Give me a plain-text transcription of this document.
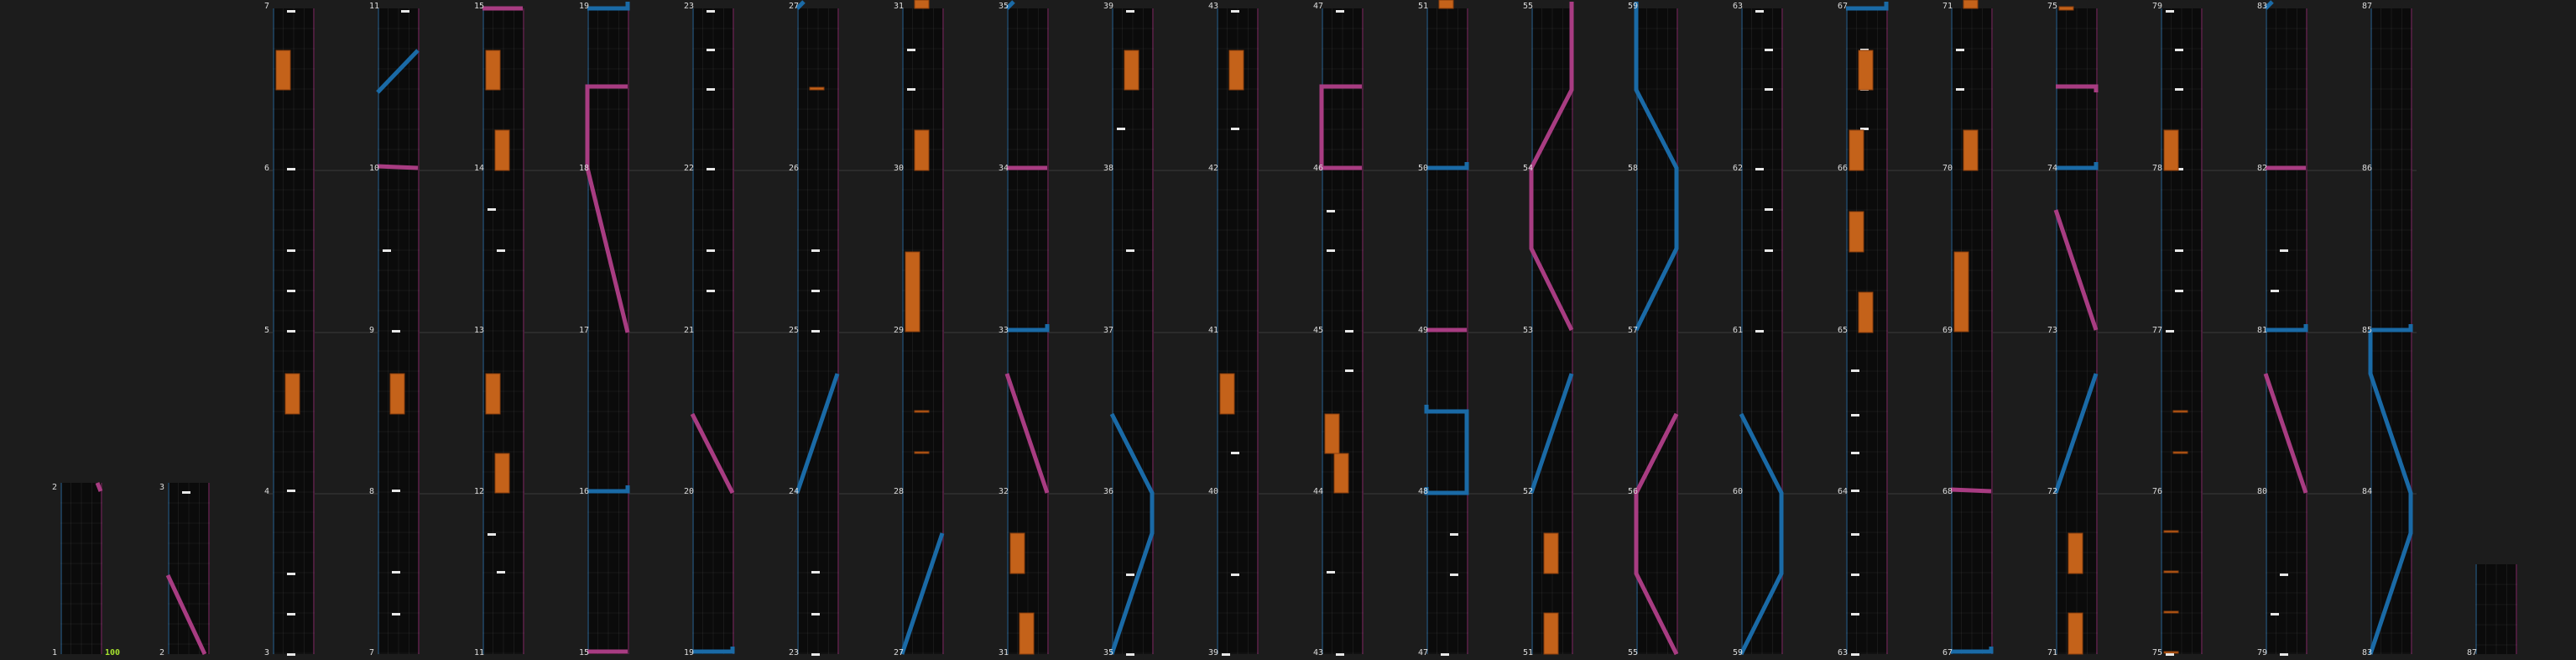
2
1
3
2
7
6
5
4
3
11
10
9
8
7
15
14
13
12
11
19
18
17
16
15
23
22
21
20
19
27
26
25
24
23
31
30
29
28
27
35
34
33
32
31
39
38
37
36
35
43
42
41
40
39
47
46
45
44
43
51
50
49
48
47
55
54
53
52
51
59
58
57
56
55
63
62
61
60
59
67
66
65
64
63
71
70
69
68
67
75
74
73
72
71
79
78
77
76
75
83
82
81
80
79
87
86
85
84
83	87
100
